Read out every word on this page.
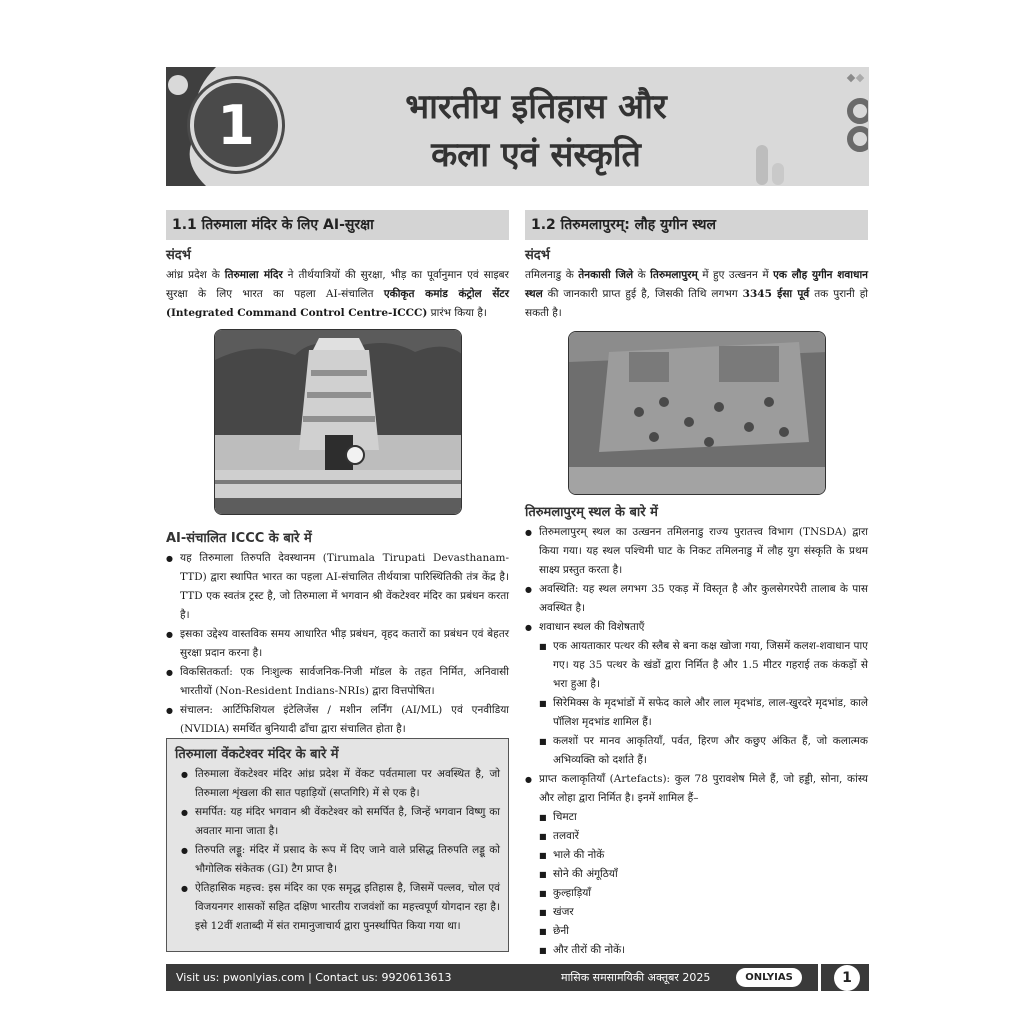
1	भारतीय इतिहास और
कला एवं संस्कृति
1.1 तिरुमाला मंदिर के लिए AI-सुरक्षा
संदर्भ
आंध्र प्रदेश के तिरुमाला मंदिर ने तीर्थयात्रियों की सुरक्षा, भीड़ का पूर्वानुमान एवं साइबर सुरक्षा के लिए भारत का पहला AI-संचालित एकीकृत कमांड कंट्रोल सेंटर (Integrated Command Control Centre-ICCC) प्रारंभ किया है।
AI-संचालित ICCC के बारे में
● यह तिरुमाला तिरुपति देवस्थानम (Tirumala Tirupati Devasthanam-TTD) द्वारा स्थापित भारत का पहला AI-संचालित तीर्थयात्रा पारिस्थितिकी तंत्र केंद्र है। TTD एक स्वतंत्र ट्रस्ट है, जो तिरुमाला में भगवान श्री वेंकटेश्वर मंदिर का प्रबंधन करता है।
● इसका उद्देश्य वास्तविक समय आधारित भीड़ प्रबंधन, वृहद कतारों का प्रबंधन एवं बेहतर सुरक्षा प्रदान करना है।
● विकसितकर्ता: एक निःशुल्क सार्वजनिक-निजी मॉडल के तहत निर्मित, अनिवासी भारतीयों (Non-Resident Indians-NRIs) द्वारा वित्तपोषित।
● संचालन: आर्टिफिशियल इंटेलिजेंस / मशीन लर्निंग (AI/ML) एवं एनवीडिया (NVIDIA) समर्थित बुनियादी ढाँचा द्वारा संचालित होता है।
तिरुमाला वेंकटेश्वर मंदिर के बारे में
● तिरुमाला वेंकटेश्वर मंदिर आंध्र प्रदेश में वेंकट पर्वतमाला पर अवस्थित है, जो तिरुमाला शृंखला की सात पहाड़ियों (सप्तगिरि) में से एक है।
● समर्पित: यह मंदिर भगवान श्री वेंकटेश्वर को समर्पित है, जिन्हें भगवान विष्णु का अवतार माना जाता है।
● तिरुपति लड्डू: मंदिर में प्रसाद के रूप में दिए जाने वाले प्रसिद्ध तिरुपति लड्डू को भौगोलिक संकेतक (GI) टैग प्राप्त है।
● ऐतिहासिक महत्त्व: इस मंदिर का एक समृद्ध इतिहास है, जिसमें पल्लव, चोल एवं विजयनगर शासकों सहित दक्षिण भारतीय राजवंशों का महत्त्वपूर्ण योगदान रहा है। इसे 12वीं शताब्दी में संत रामानुजाचार्य द्वारा पुनर्स्थापित किया गया था।
1.2 तिरुमलापुरम्: लौह युगीन स्थल
संदर्भ
तमिलनाडु के तेनकासी जिले के तिरुमलापुरम् में हुए उत्खनन में एक लौह युगीन शवाधान स्थल की जानकारी प्राप्त हुई है, जिसकी तिथि लगभग 3345 ईसा पूर्व तक पुरानी हो सकती है।
तिरुमलापुरम् स्थल के बारे में
● तिरुमलापुरम् स्थल का उत्खनन तमिलनाडु राज्य पुरातत्त्व विभाग (TNSDA) द्वारा किया गया। यह स्थल पश्चिमी घाट के निकट तमिलनाडु में लौह युग संस्कृति के प्रथम साक्ष्य प्रस्तुत करता है।
● अवस्थिति: यह स्थल लगभग 35 एकड़ में विस्तृत है और कुलसेगरपेरी तालाब के पास अवस्थित है।
● शवाधान स्थल की विशेषताएँ
■ एक आयताकार पत्थर की स्लैब से बना कक्ष खोजा गया, जिसमें कलश-शवाधान पाए गए। यह 35 पत्थर के खंडों द्वारा निर्मित है और 1.5 मीटर गहराई तक कंकड़ों से भरा हुआ है।
■ सिरेमिक्स के मृदभांडों में सफेद काले और लाल मृदभांड, लाल-खुरदरे मृदभांड, काले पॉलिश मृदभांड शामिल हैं।
■ कलशों पर मानव आकृतियाँ, पर्वत, हिरण और कछुए अंकित हैं, जो कलात्मक अभिव्यक्ति को दर्शाते हैं।
● प्राप्त कलाकृतियाँ (Artefacts): कुल 78 पुरावशेष मिले हैं, जो हड्डी, सोना, कांस्य और लोहा द्वारा निर्मित है। इनमें शामिल हैं–
■ चिमटा
■ तलवारें
■ भाले की नोकें
■ सोने की अंगूठियाँ
■ कुल्हाड़ियाँ
■ खंजर
■ छेनी
■ और तीरों की नोकें।
Visit us: pwonlyias.com | Contact us: 9920613613	मासिक समसामयिकी अक्तूबर 2025	ONLYIAS	1
